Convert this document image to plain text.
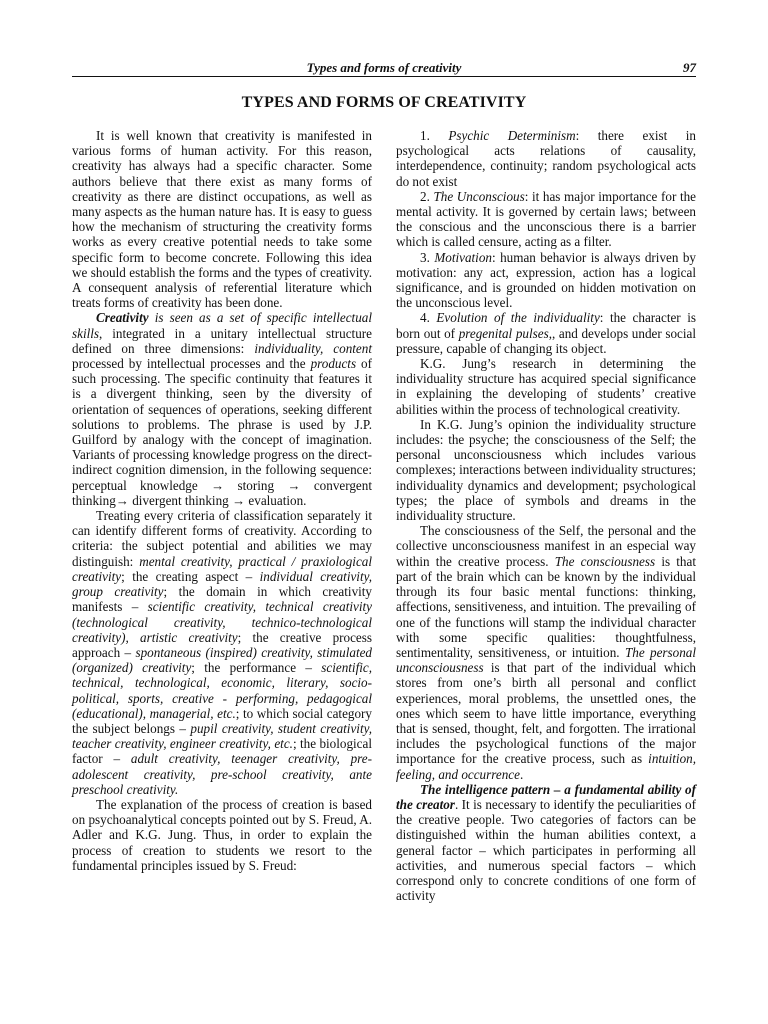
Types and forms of creativity	97
TYPES AND FORMS OF CREATIVITY

It is well known that creativity is manifested in various forms of human activity. For this reason, creativity has always had a specific character. Some authors believe that there exist as many forms of creativity as there are distinct occupations, as well as many aspects as the human nature has. It is easy to guess how the mechanism of structuring the creativity forms works as every creative potential needs to take some specific form to become concrete. Following this idea we should establish the forms and the types of creativity. A consequent analysis of referential literature which treats forms of creativity has been done.

Creativity is seen as a set of specific intellectual skills, integrated in a unitary intellectual structure defined on three dimensions: individuality, content processed by intellectual processes and the products of such processing. The specific continuity that features it is a divergent thinking, seen by the diversity of orientation of sequences of operations, seeking different solutions to problems. The phrase is used by J.P. Guilford by analogy with the concept of imagination. Variants of processing knowledge progress on the direct-indirect cognition dimension, in the following sequence: perceptual knowledge → storing → convergent thinking→ divergent thinking → evaluation.

Treating every criteria of classification separately it can identify different forms of creativity. According to criteria: the subject potential and abilities we may distinguish: mental creativity, practical / praxiological creativity; the creating aspect – individual creativity, group creativity; the domain in which creativity manifests – scientific creativity, technical creativity (technological creativity, technico-technological creativity), artistic creativity; the creative process approach – spontaneous (inspired) creativity, stimulated (organized) creativity; the performance – scientific, technical, technological, economic, literary, socio-political, sports, creative - performing, pedagogical (educational), managerial, etc.; to which social category the subject belongs – pupil creativity, student creativity, teacher creativity, engineer creativity, etc.; the biological factor – adult creativity, teenager creativity, pre-adolescent creativity, pre-school creativity, ante preschool creativity.

The explanation of the process of creation is based on psychoanalytical concepts pointed out by S. Freud, A. Adler and K.G. Jung. Thus, in order to explain the process of creation to students we resort to the fundamental principles issued by S. Freud:

1. Psychic Determinism: there exist in psychological acts relations of causality, interdependence, continuity; random psychological acts do not exist

2. The Unconscious: it has major importance for the mental activity. It is governed by certain laws; between the conscious and the unconscious there is a barrier which is called censure, acting as a filter.

3. Motivation: human behavior is always driven by motivation: any act, expression, action has a logical significance, and is grounded on hidden motivation on the unconscious level.

4. Evolution of the individuality: the character is born out of pregenital pulses,, and develops under social pressure, capable of changing its object.

K.G. Jung’s research in determining the individuality structure has acquired special significance in explaining the developing of students’ creative abilities within the process of technological creativity.

In K.G. Jung’s opinion the individuality structure includes: the psyche; the consciousness of the Self; the personal unconsciousness which includes various complexes; interactions between individuality structures; individuality dynamics and development; psychological types; the place of symbols and dreams in the individuality structure.

The consciousness of the Self, the personal and the collective unconsciousness manifest in an especial way within the creative process. The consciousness is that part of the brain which can be known by the individual through its four basic mental functions: thinking, affections, sensitiveness, and intuition. The prevailing of one of the functions will stamp the individual character with some specific qualities: thoughtfulness, sentimentality, sensitiveness, or intuition. The personal unconsciousness is that part of the individual which stores from one’s birth all personal and conflict experiences, moral problems, the unsettled ones, the ones which seem to have little importance, everything that is sensed, thought, felt, and forgotten. The irrational includes the psychological functions of the major importance for the creative process, such as intuition, feeling, and occurrence.

The intelligence pattern – a fundamental ability of the creator. It is necessary to identify the peculiarities of the creative people. Two categories of factors can be distinguished within the human abilities context, a general factor – which participates in performing all activities, and numerous special factors – which correspond only to concrete conditions of one form of activity
